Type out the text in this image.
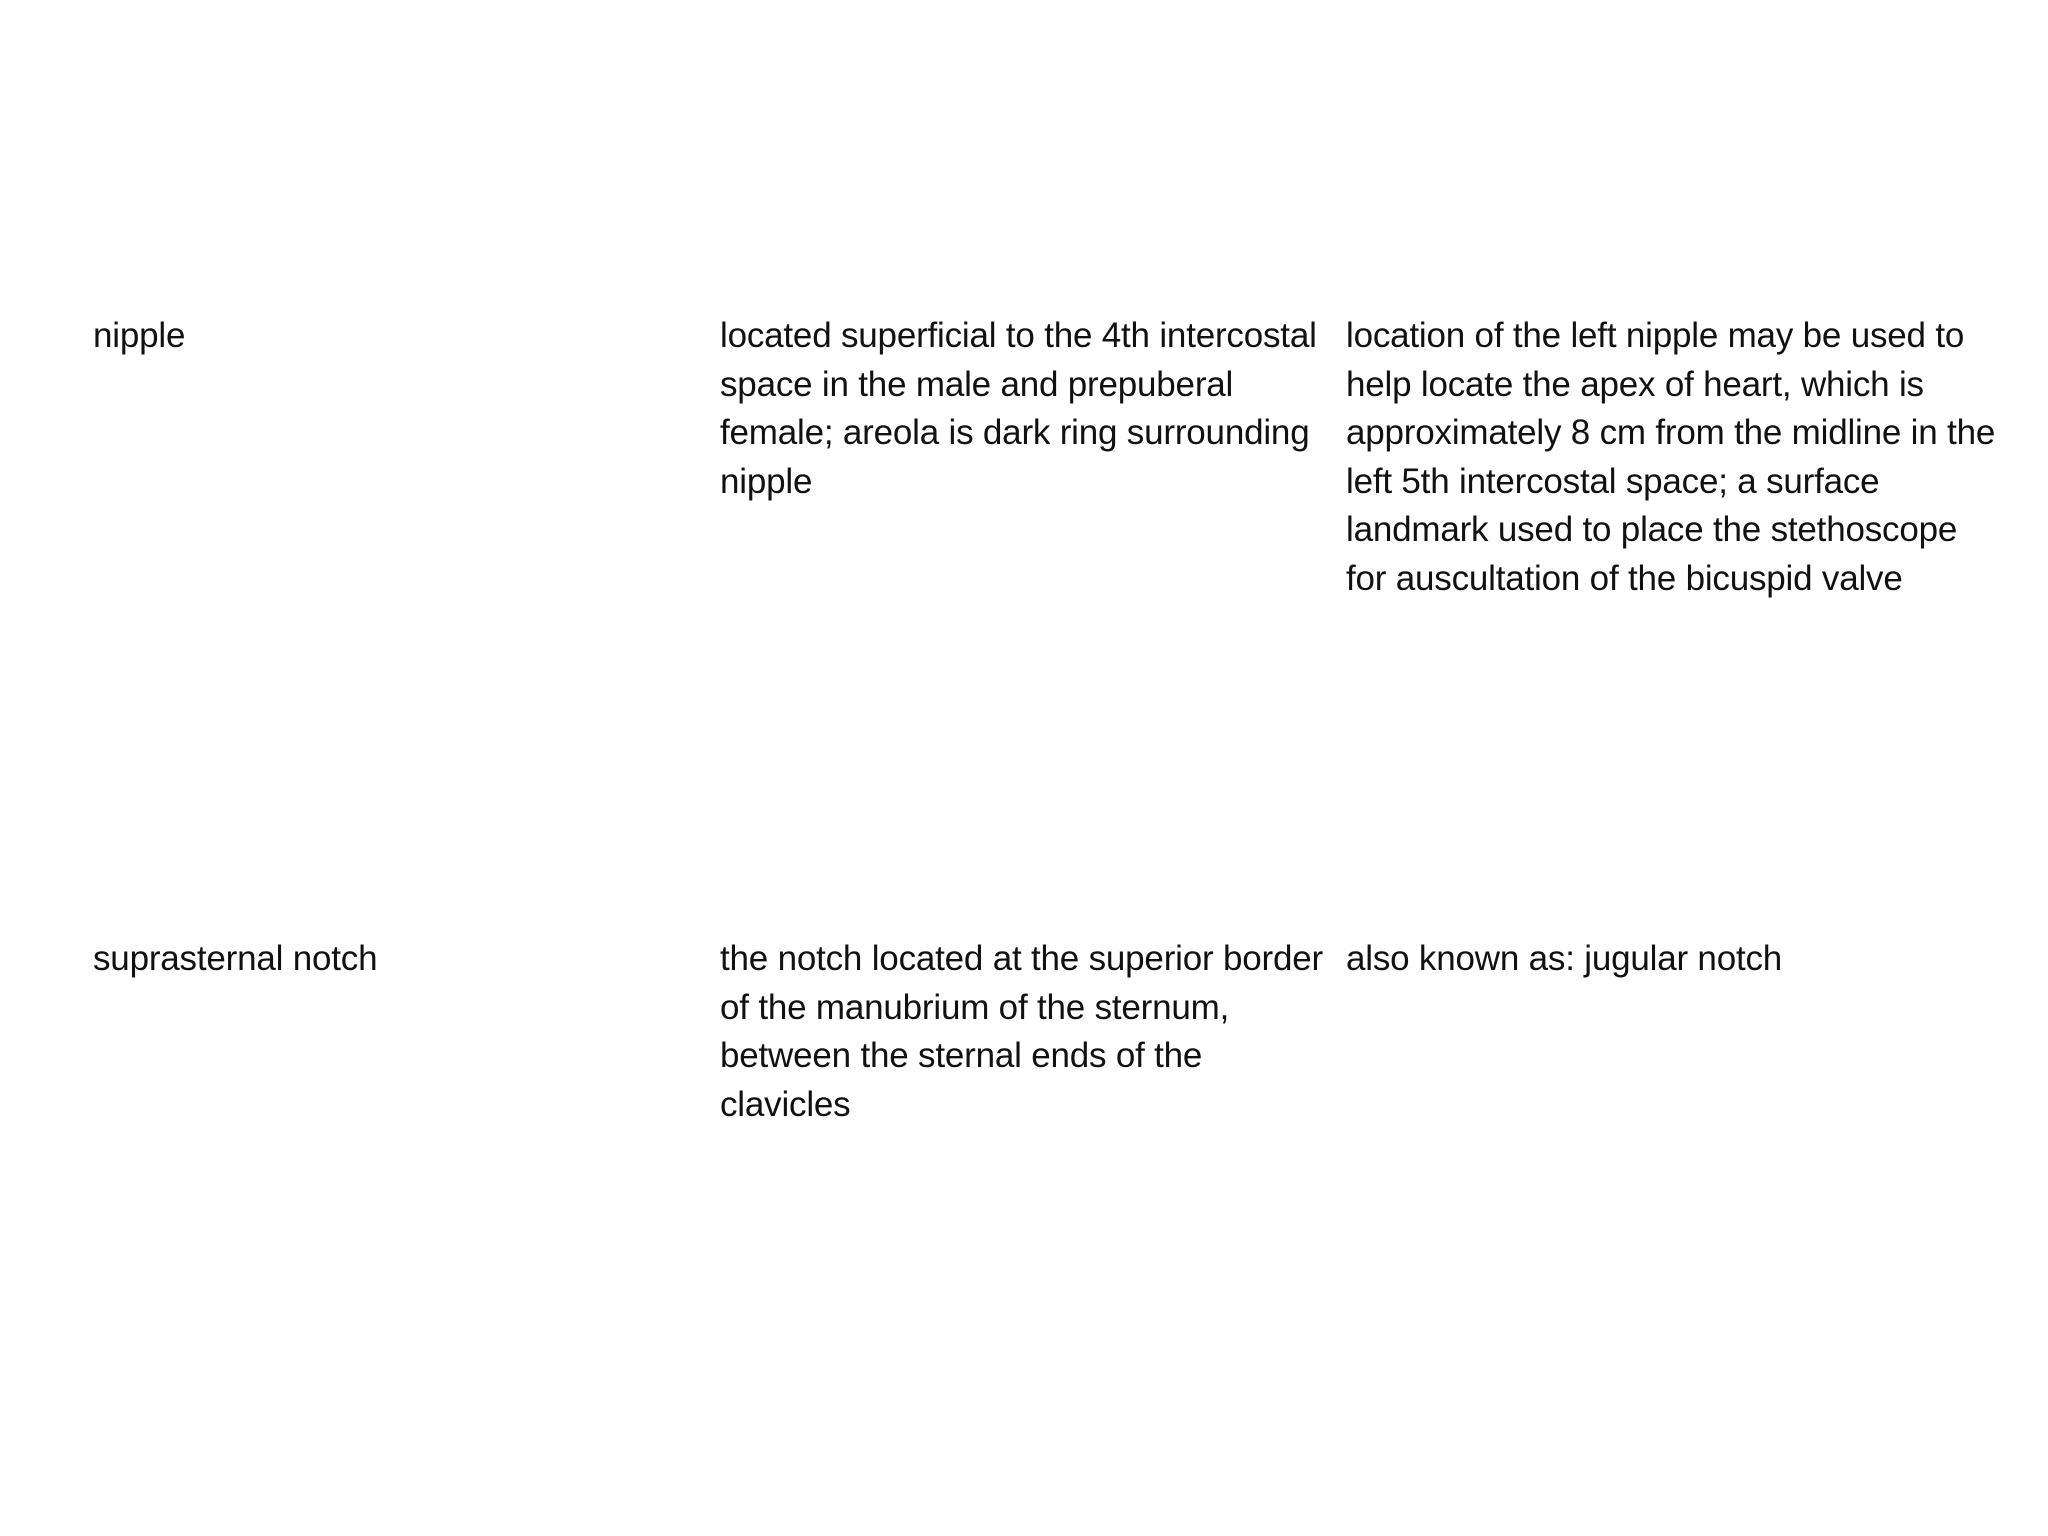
nipple	located superficial to the 4th intercostal space in the male and prepuberal female; areola is dark ring surrounding nipple
location of the left nipple may be used to help locate the apex of heart, which is approximately 8 cm from the midline in the left 5th intercostal space; a surface landmark used to place the stethoscope for auscultation of the bicuspid valve
suprasternal notch	the notch located at the superior border of the manubrium of the sternum, between the sternal ends of the clavicles
also known as: jugular notch
